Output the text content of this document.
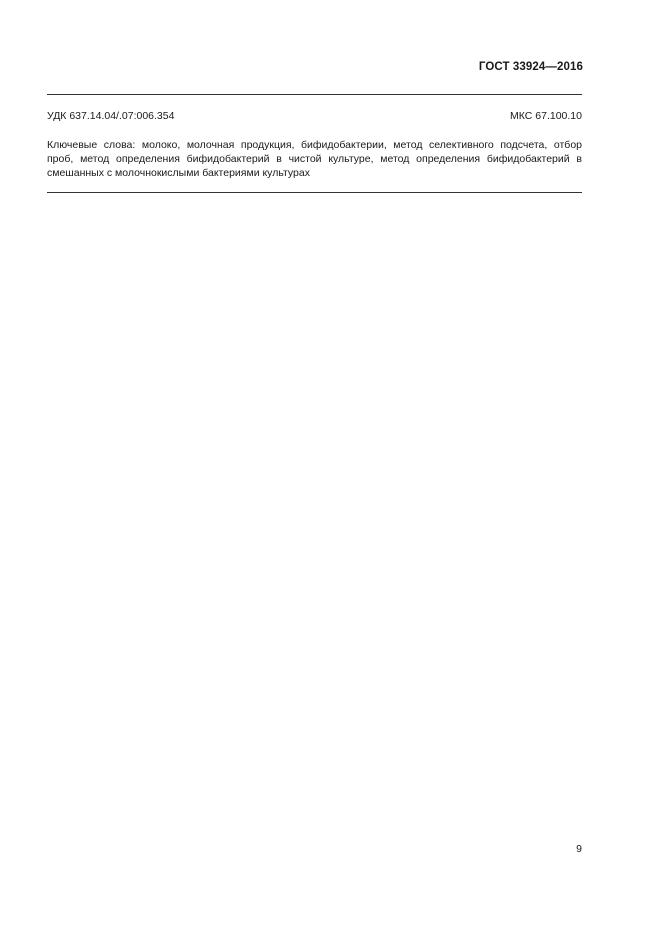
ГОСТ 33924—2016
УДК 637.14.04/.07:006.354	МКС 67.100.10
Ключевые слова: молоко, молочная продукция, бифидобактерии, метод селективного подсчета, отбор
проб, метод определения бифидобактерий в чистой культуре, метод определения бифидобактерий в
смешанных с молочнокислыми бактериями культурах
9
